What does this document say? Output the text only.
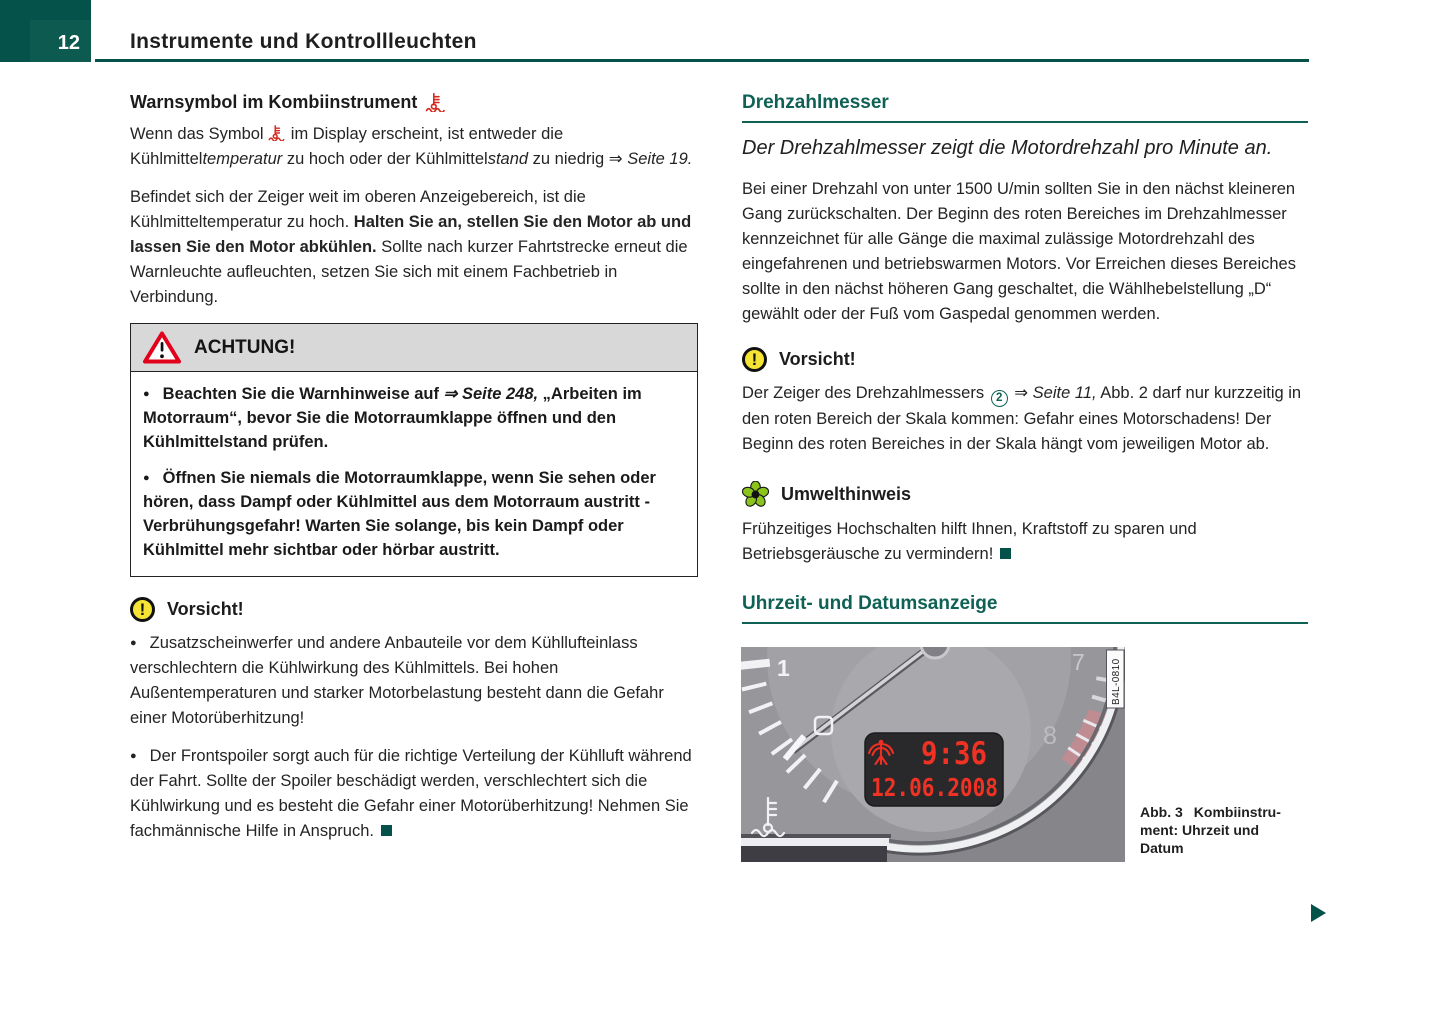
12 Instrumente und Kontrollleuchten
Warnsymbol im Kombiinstrument

Wenn das Symbol  im Display erscheint, ist entweder die Kühlmitteltemperatur zu hoch oder der Kühlmittelstand zu niedrig ⇒ Seite 19.

Befindet sich der Zeiger weit im oberen Anzeigebereich, ist die Kühlmitteltemperatur zu hoch. Halten Sie an, stellen Sie den Motor ab und lassen Sie den Motor abkühlen. Sollte nach kurzer Fahrtstrecke erneut die Warnleuchte aufleuchten, setzen Sie sich mit einem Fachbetrieb in Verbindung.

ACHTUNG!

● Beachten Sie die Warnhinweise auf ⇒ Seite 248, „Arbeiten im Motorraum“, bevor Sie die Motorraumklappe öffnen und den Kühlmittelstand prüfen.

● Öffnen Sie niemals die Motorraumklappe, wenn Sie sehen oder hören, dass Dampf oder Kühlmittel aus dem Motorraum austritt - Verbrühungsgefahr! Warten Sie solange, bis kein Dampf oder Kühlmittel mehr sichtbar oder hörbar austritt.

! Vorsicht!

● Zusatzscheinwerfer und andere Anbauteile vor dem Kühllufteinlass verschlechtern die Kühlwirkung des Kühlmittels. Bei hohen Außentemperaturen und starker Motorbelastung besteht dann die Gefahr einer Motorüberhitzung!

● Der Frontspoiler sorgt auch für die richtige Verteilung der Kühlluft während der Fahrt. Sollte der Spoiler beschädigt werden, verschlechtert sich die Kühlwirkung und es besteht die Gefahr einer Motorüberhitzung! Nehmen Sie fachmännische Hilfe in Anspruch.

Drehzahlmesser

Der Drehzahlmesser zeigt die Motordrehzahl pro Minute an.

Bei einer Drehzahl von unter 1500 U/min sollten Sie in den nächst kleineren Gang zurückschalten. Der Beginn des roten Bereiches im Drehzahlmesser kennzeichnet für alle Gänge die maximal zulässige Motordrehzahl des eingefahrenen und betriebswarmen Motors. Vor Erreichen dieses Bereiches sollte in den nächst höheren Gang geschaltet, die Wählhebelstellung „D“ gewählt oder der Fuß vom Gaspedal genommen werden.

! Vorsicht!

Der Zeiger des Drehzahlmessers 2 ⇒ Seite 11, Abb. 2 darf nur kurzzeitig in den roten Bereich der Skala kommen: Gefahr eines Motorschadens! Der Beginn des roten Bereiches in der Skala hängt vom jeweiligen Motor ab.

Umwelthinweis

Frühzeitiges Hochschalten hilft Ihnen, Kraftstoff zu sparen und Betriebsgeräusche zu vermindern!

Uhrzeit- und Datumsanzeige
1	7
8
9:36
12.06.2008
B4L-0810
Abb. 3 Kombiinstru-
ment: Uhrzeit und
Datum
